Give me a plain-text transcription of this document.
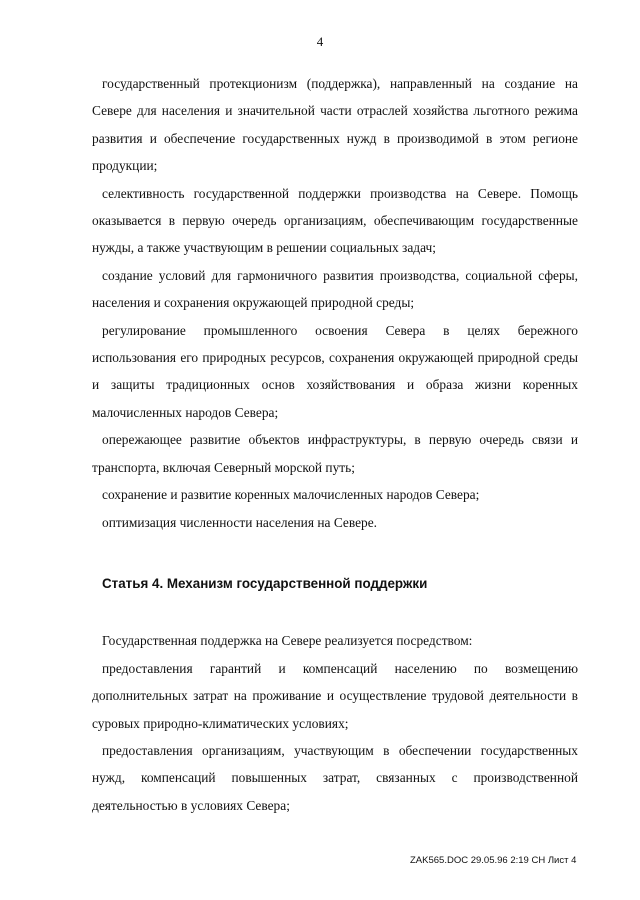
4

государственный протекционизм (поддержка), направленный на создание на Севере для населения и значительной части отраслей хозяйства льготного режима развития и обеспечение государственных нужд в производимой в этом регионе продукции;

селективность государственной поддержки производства на Севере. Помощь оказывается в первую очередь организациям, обеспечивающим государственные нужды, а также участвующим в решении социальных задач;

создание условий для гармоничного развития производства, социальной сферы, населения и сохранения окружающей природной среды;

регулирование промышленного освоения Севера в целях бережного использования его природных ресурсов, сохранения окружающей природной среды и защиты традиционных основ хозяйствования и образа жизни коренных малочисленных народов Севера;

опережающее развитие объектов инфраструктуры, в первую очередь связи и транспорта, включая Северный морской путь;

сохранение и развитие коренных малочисленных народов Севера;

оптимизация численности населения на Севере.

Статья 4. Механизм государственной поддержки

Государственная поддержка на Севере реализуется посредством:

предоставления гарантий и компенсаций населению по возмещению дополнительных затрат на проживание и осуществление трудовой деятельности в суровых природно-климатических условиях;

предоставления организациям, участвующим в обеспечении государственных нужд, компенсаций повышенных затрат, связанных с производственной деятельностью в условиях Севера;

ZAK565.DOC 29.05.96 2:19 CH Лист 4
